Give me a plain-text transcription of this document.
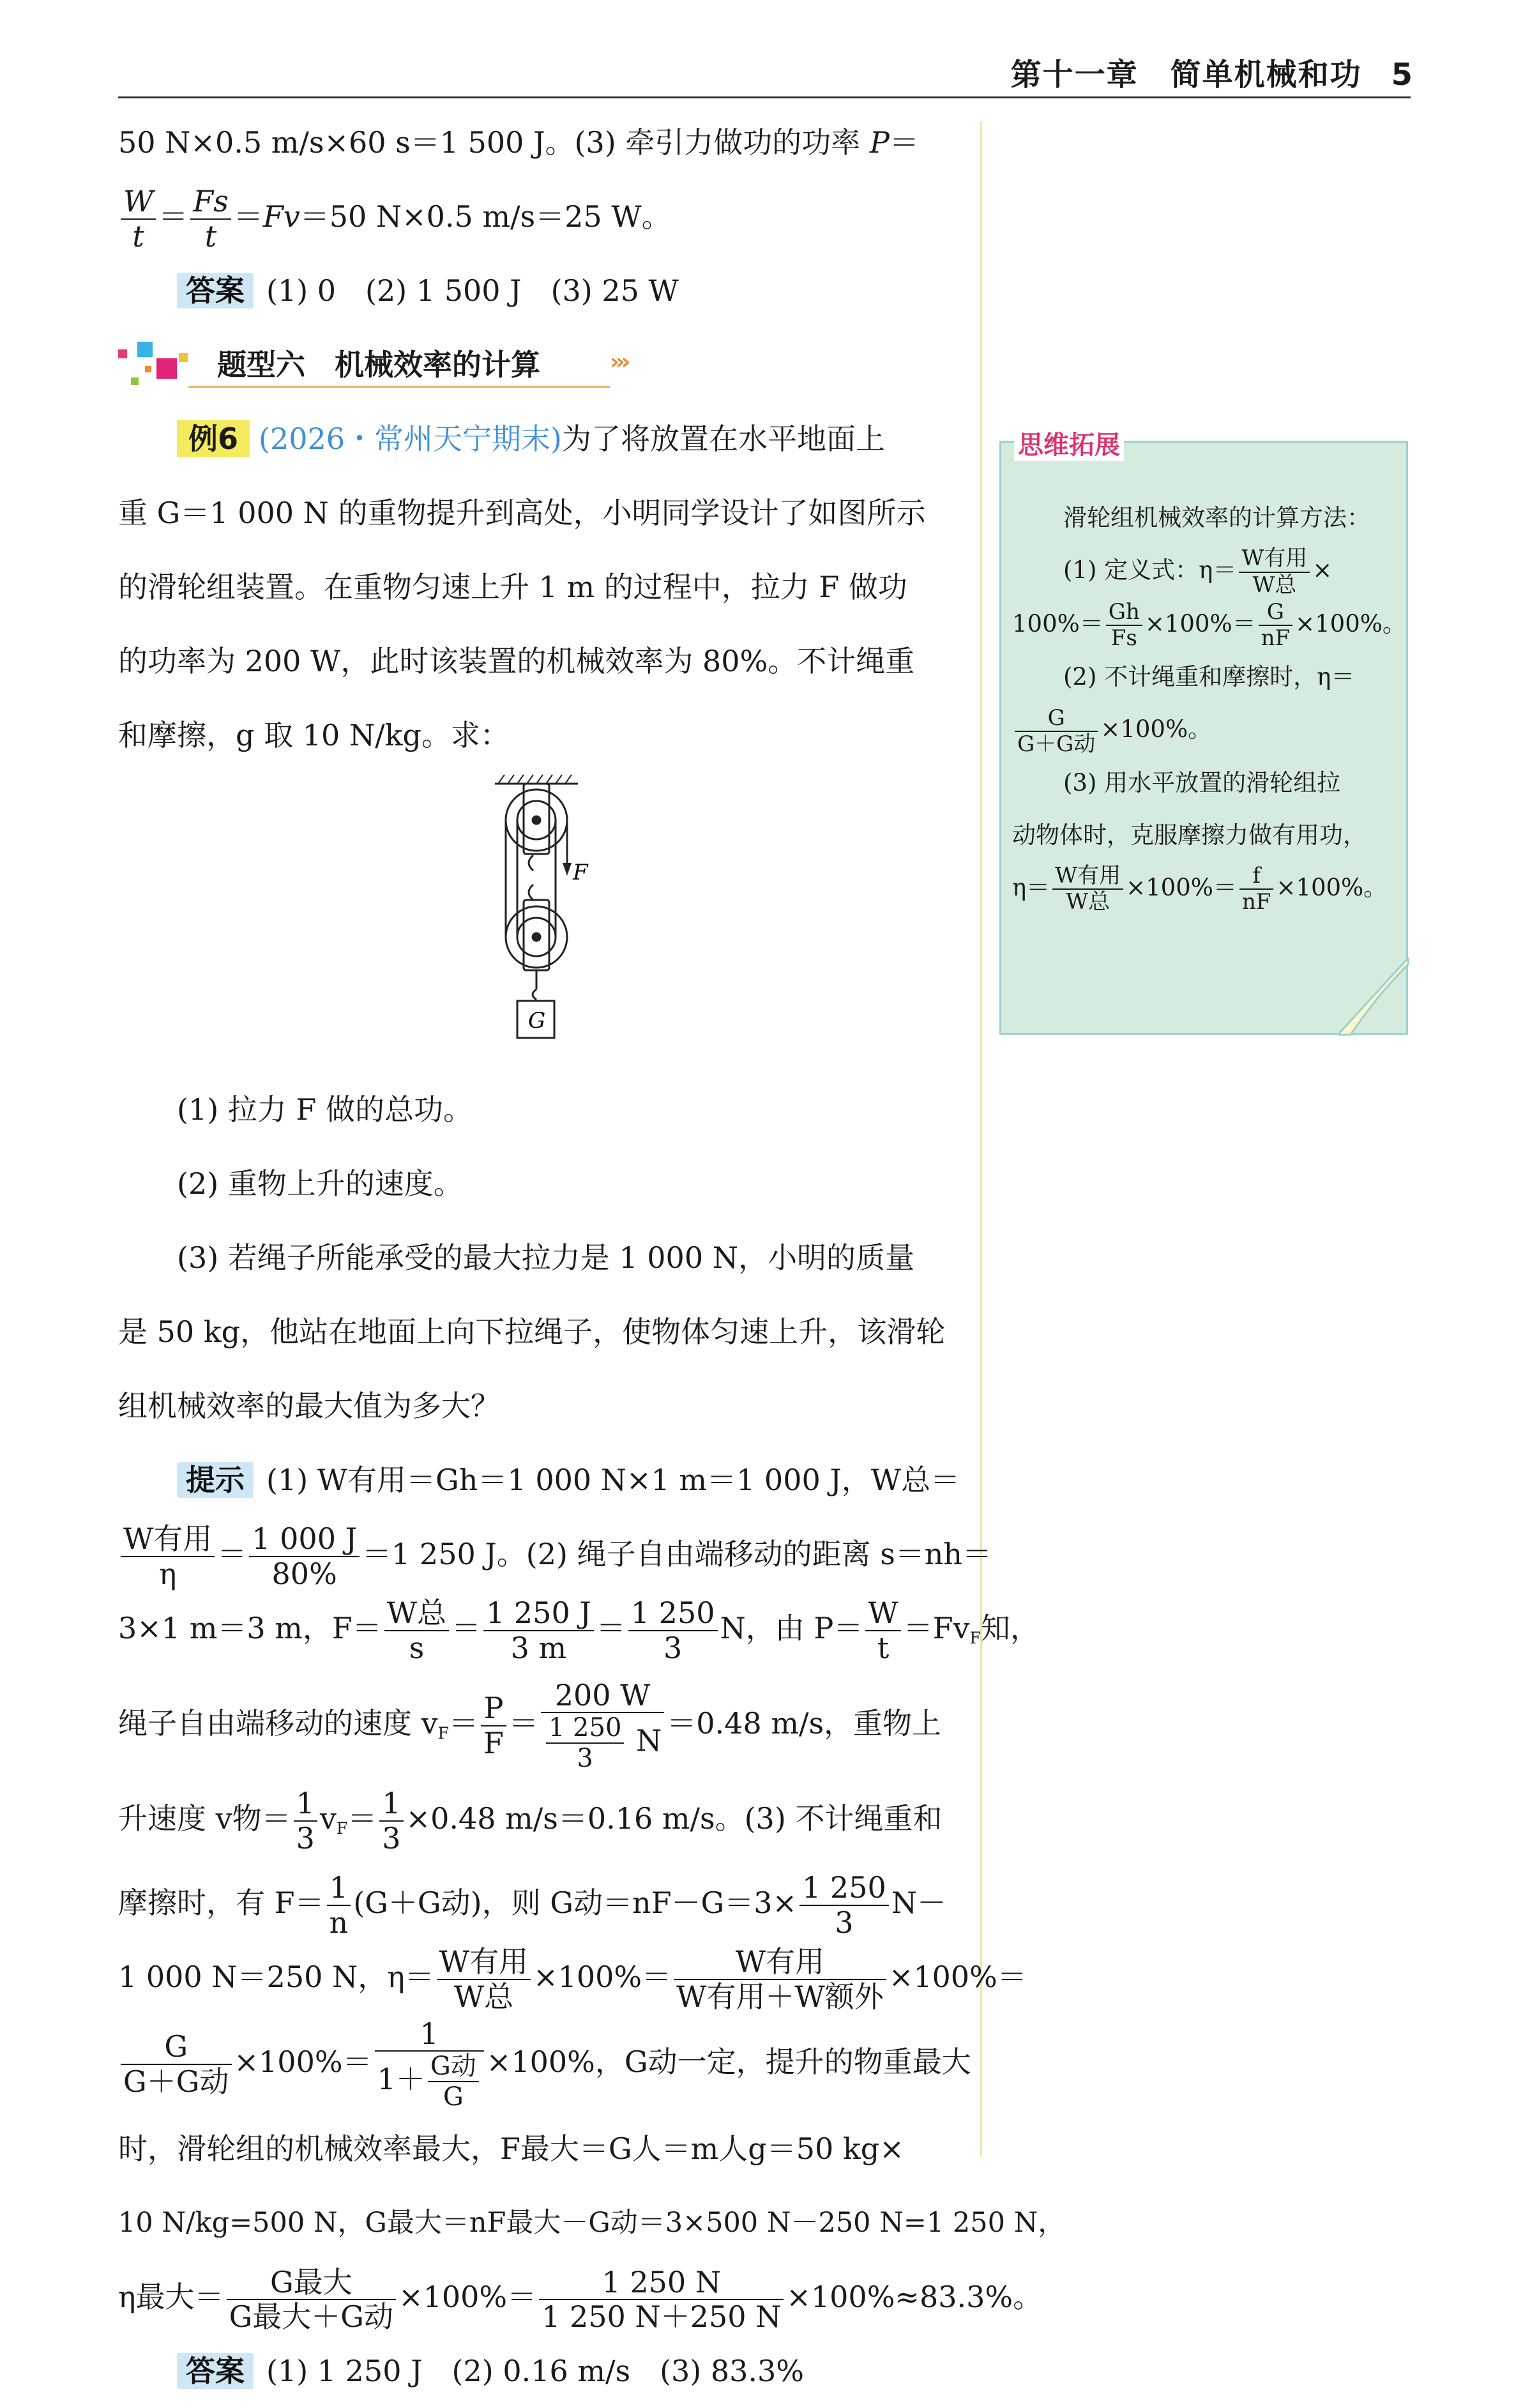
第十一章　简单机械和功 5

50 N×0.5 m/s×60 s＝1 500 J。(3) 牵引力做功的功率 P＝

$\frac{W}{t} = \frac{Fs}{t} =Fv=50$ N×0.5 m/s＝25 W。

答案 (1) 0　(2) 1 500 J　(3) 25 W

题型六　机械效率的计算	›››

例6 (2026・常州天宁期末)为了将放置在水平地面上

重 G＝1 000 N 的重物提升到高处，小明同学设计了如图所示

的滑轮组装置。在重物匀速上升 1 m 的过程中，拉力 F 做功

的功率为 200 W，此时该装置的机械效率为 80%。不计绳重

和摩擦，g 取 10 N/kg。求：

F
G

(1) 拉力 F 做的总功。

(2) 重物上升的速度。

(3) 若绳子所能承受的最大拉力是 1 000 N，小明的质量

是 50 kg，他站在地面上向下拉绳子，使物体匀速上升，该滑轮

组机械效率的最大值为多大？

提示 (1) W有用＝Gh＝1 000 N×1 m＝1 000 J，W总＝

$\frac{\text{W有用}}{\eta} = \frac{1 000 J}{80\%} =1$ 250 J。(2) 绳子自由端移动的距离 s＝nh＝

3×1 m＝3 m，$F= \frac{\text{W总}}{s} = \frac{1 250 J}{3 m} = \frac{1 250}{3}$ N，由 $P= \frac{W}{t} =Fv_F$知，

绳子自由端移动的速度 $v_F= \frac{P}{F} = \frac{200 W}{\frac{1 250}{3} N} =0.48$ m/s，重物上

升速度 v物＝ $\frac{1}{3} v_F= \frac{1}{3} \times 0.48$ m/s＝0.16 m/s。(3) 不计绳重和

摩擦时，有 $F= \frac{1}{n} (G+G$动)，则 G动$=nF-G=3\times \frac{1 250}{3} N-$

1 000 N＝250 N，$\eta= \frac{\text{W有用}}{\text{W总}} \times 100\%= \frac{\text{W有用}}{\text{W有用＋W额外}} \times 100\%=$

$\frac{G}{\text{G＋G动}} \times 100\%= \frac{1}{1+ \frac{\text{G动}}{G}} \times 100\%$，G动一定，提升的物重最大

时，滑轮组的机械效率最大，F最大＝G人＝m人g＝50 kg×

10 N/kg=500 N，G最大＝nF最大－G动＝3×500 N－250 N=1 250 N，

η最大＝ $\frac{\text{G最大}}{\text{G最大＋G动}} \times 100\%= \frac{1 250 N}{1 250 N+250 N} \times 100\%\approx 83.3\%$。

答案 (1) 1 250 J　(2) 0.16 m/s　(3) 83.3%

思维拓展

滑轮组机械效率的计算方法：

(1) 定义式：$\eta= \frac{\text{W有用}}{\text{W总}}$ ×

$100\%= \frac{Gh}{Fs} \times 100\%= \frac{G}{nF} \times 100\%$。

(2) 不计绳重和摩擦时，η＝

$\frac{G}{\text{G＋G动}} \times 100\%$。

(3) 用水平放置的滑轮组拉

动物体时，克服摩擦力做有用功，

$\eta= \frac{\text{W有用}}{\text{W总}} \times 100\%= \frac{f}{nF} \times 100\%$。
